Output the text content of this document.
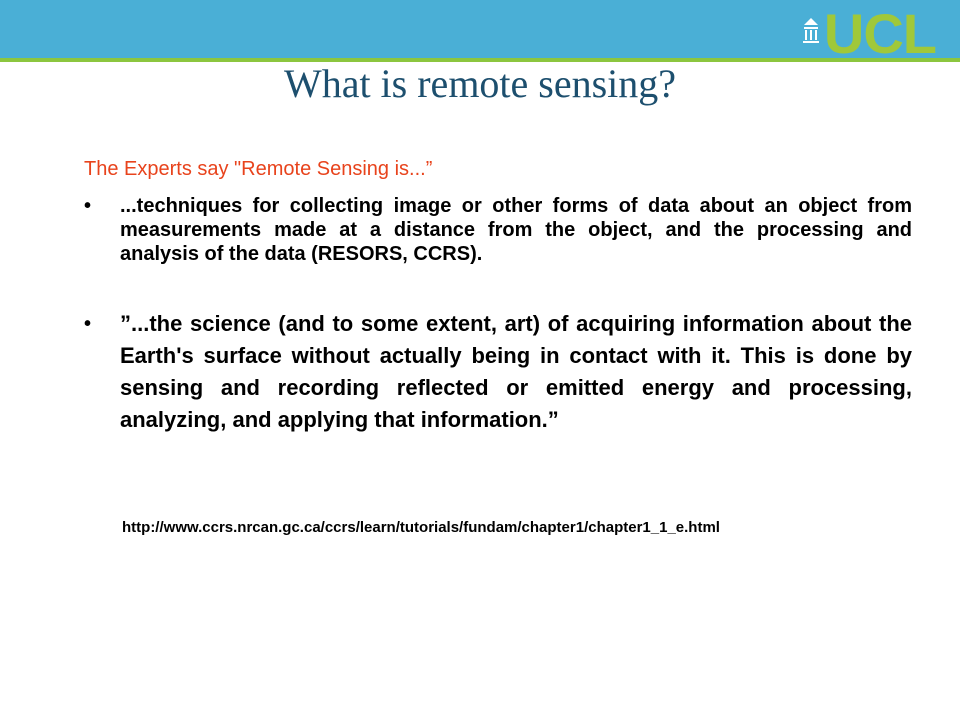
UCL
What is remote sensing?

The Experts say "Remote Sensing is...”

•	...techniques for collecting image or other forms of data about an object from measurements made at a distance from the object, and the processing and analysis of the data (RESORS, CCRS).
•	”...the science (and to some extent, art) of acquiring information about the Earth's surface without actually being in contact with it. This is done by sensing and recording reflected or emitted energy and processing, analyzing, and applying that information.”

http://www.ccrs.nrcan.gc.ca/ccrs/learn/tutorials/fundam/chapter1/chapter1_1_e.html
